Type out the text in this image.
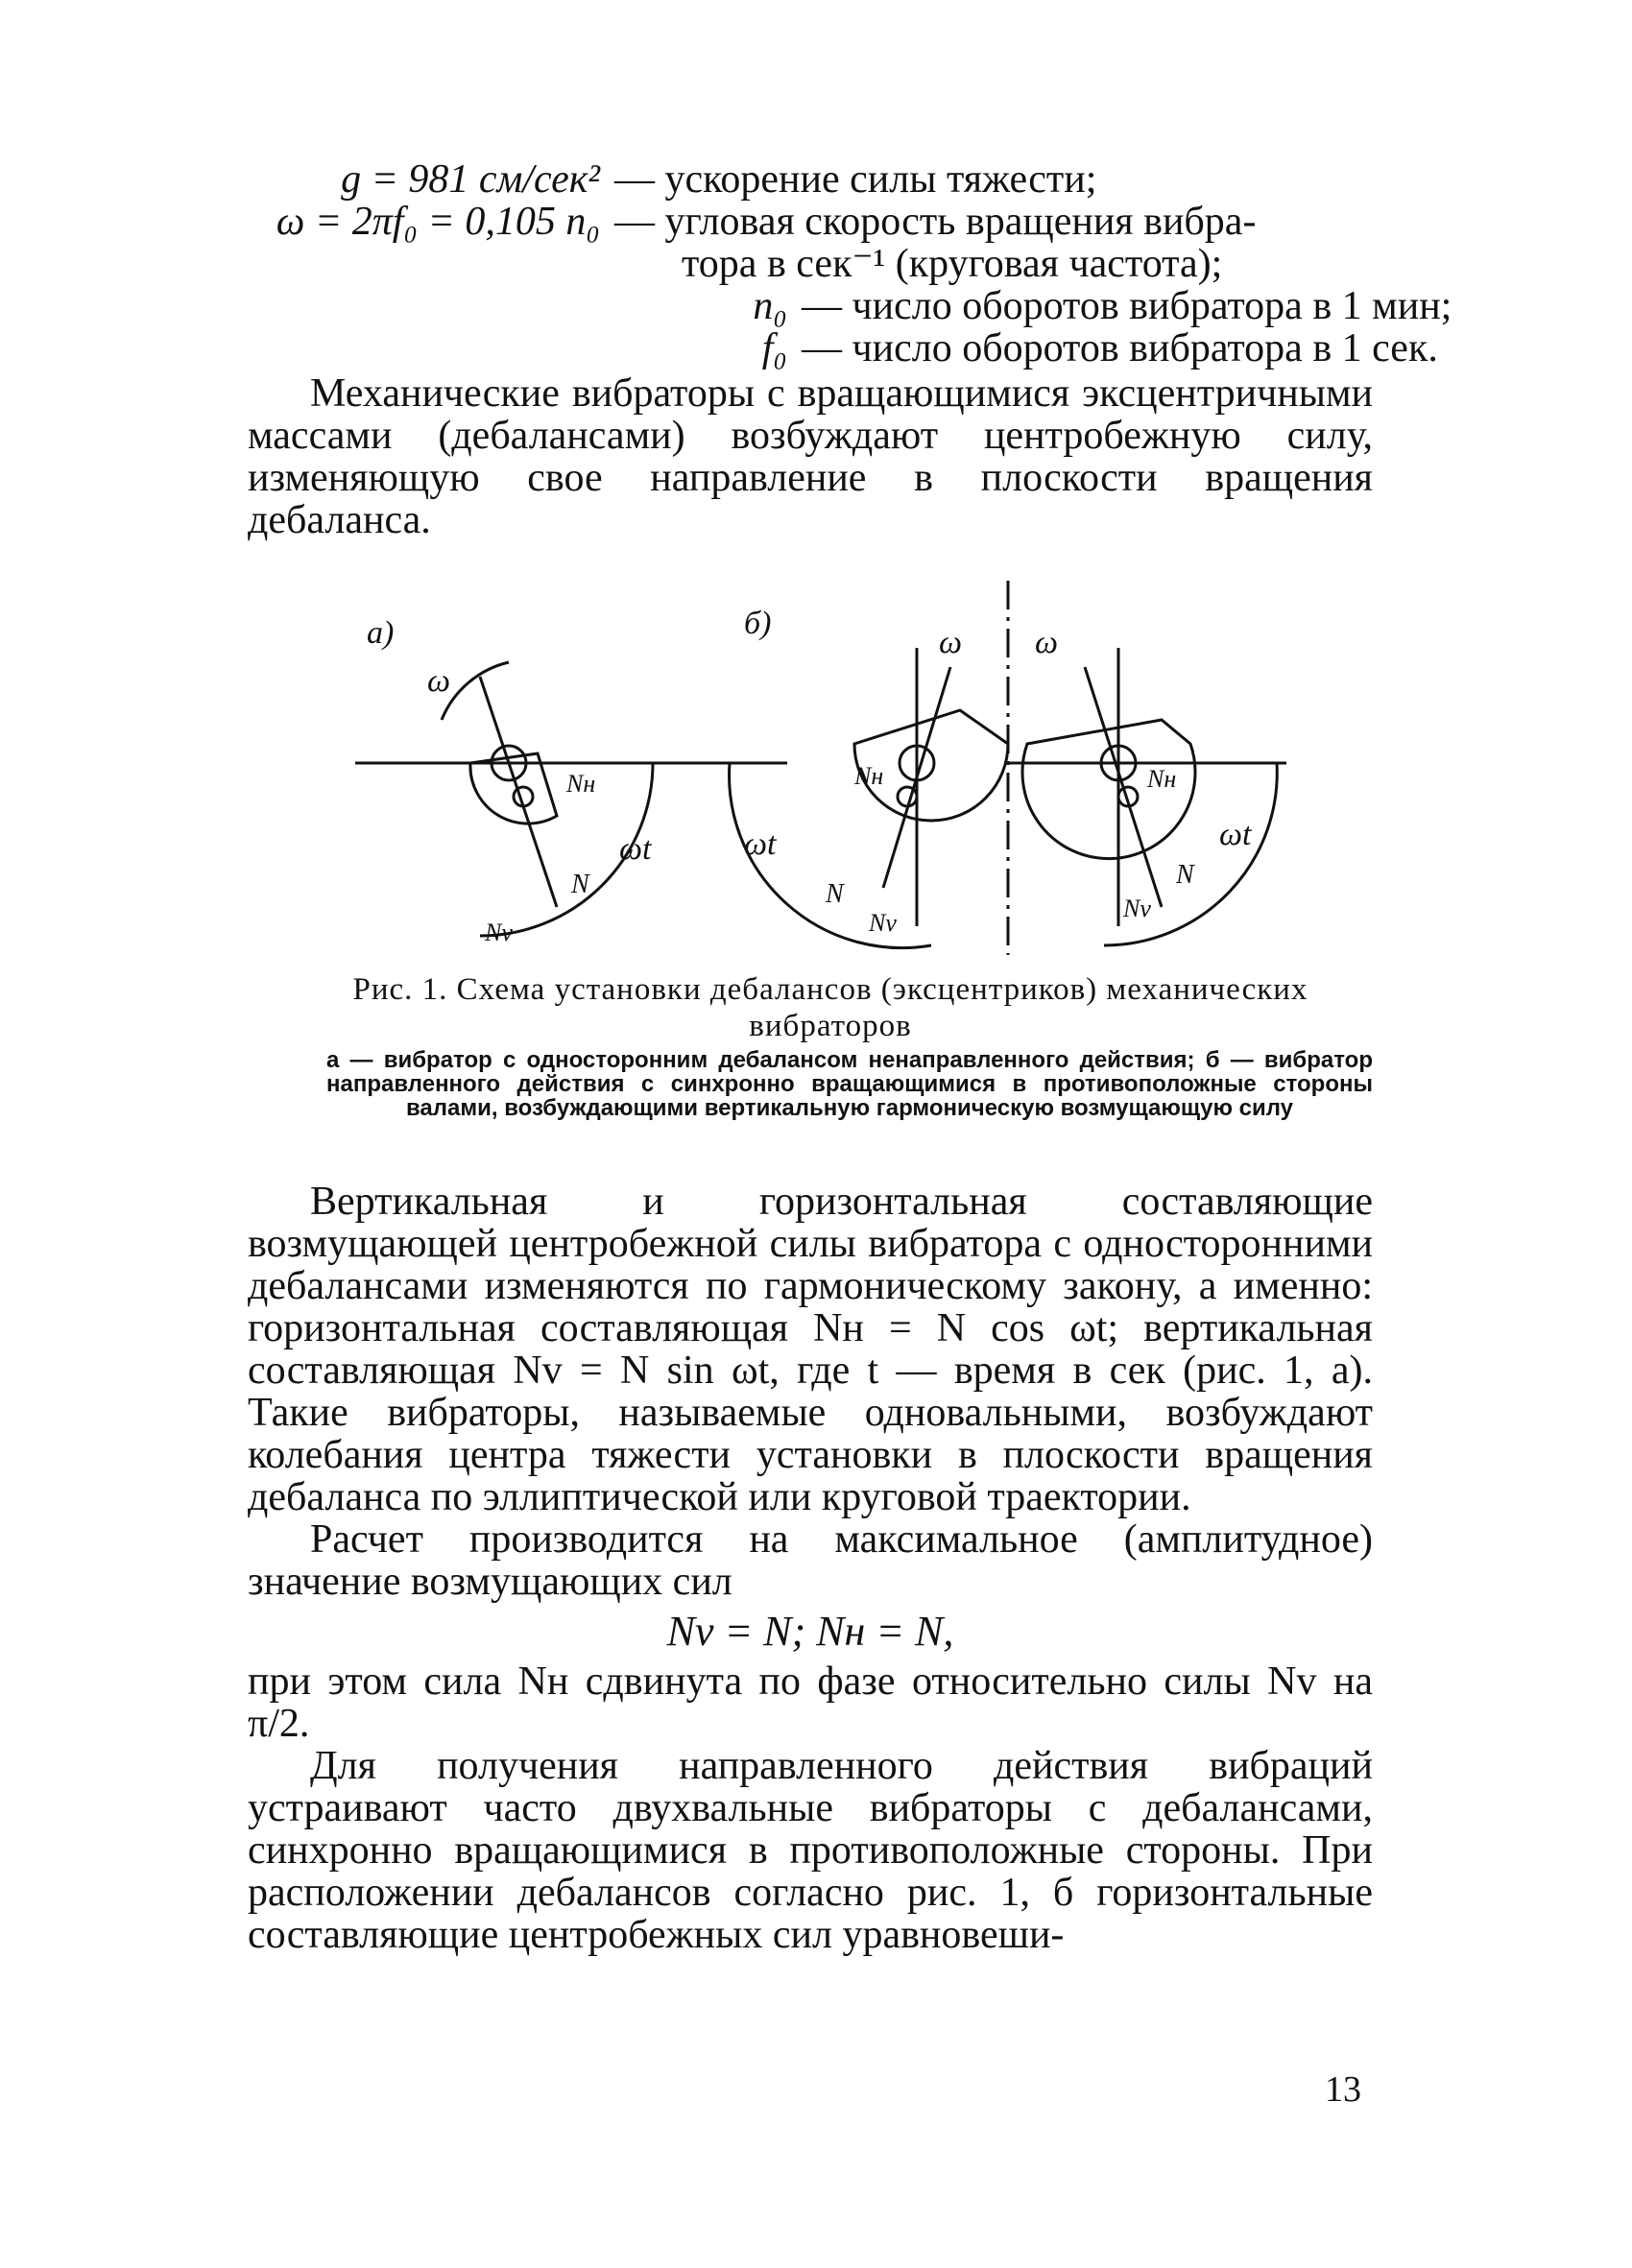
g = 981 см/сек² — ускорение силы тяжести;
ω = 2πf₀ = 0,105 n₀ — угловая скорость вращения вибра-
тора в сек⁻¹ (круговая частота);
n₀ — число оборотов вибратора в 1 мин;
f₀ — число оборотов вибратора в 1 сек.

Механические вибраторы с вращающимися эксцентричными массами (дебалансами) возбуждают центробежную силу, изменяющую свое направление в плоскости вращения дебаланса.

а)	б)
ω
ω ω
ωt	ωt	ωt
Nн	Nн	Nн
N	N
N
Nv	Nv
Nv
Рис. 1. Схема установки дебалансов (эксцентриков) механических вибраторов
а — вибратор с односторонним дебалансом ненаправленного действия; б — вибратор направленного действия с синхронно вращающимися в противоположные стороны валами, возбуждающими вертикальную гармоническую возмущающую силу

Вертикальная и горизонтальная составляющие возмущающей центробежной силы вибратора с односторонними дебалансами изменяются по гармоническому закону, а именно: горизонтальная составляющая Nн = N cos ωt; вертикальная составляющая Nv = N sin ωt, где t — время в сек (рис. 1, а). Такие вибраторы, называемые одновальными, возбуждают колебания центра тяжести установки в плоскости вращения дебаланса по эллиптической или круговой траектории.

Расчет производится на максимальное (амплитудное) значение возмущающих сил

Nv = N; Nн = N,

при этом сила Nн сдвинута по фазе относительно силы Nv на π/2.

Для получения направленного действия вибраций устраивают часто двухвальные вибраторы с дебалансами, синхронно вращающимися в противоположные стороны. При расположении дебалансов согласно рис. 1, б горизонтальные составляющие центробежных сил уравновеши-

13
